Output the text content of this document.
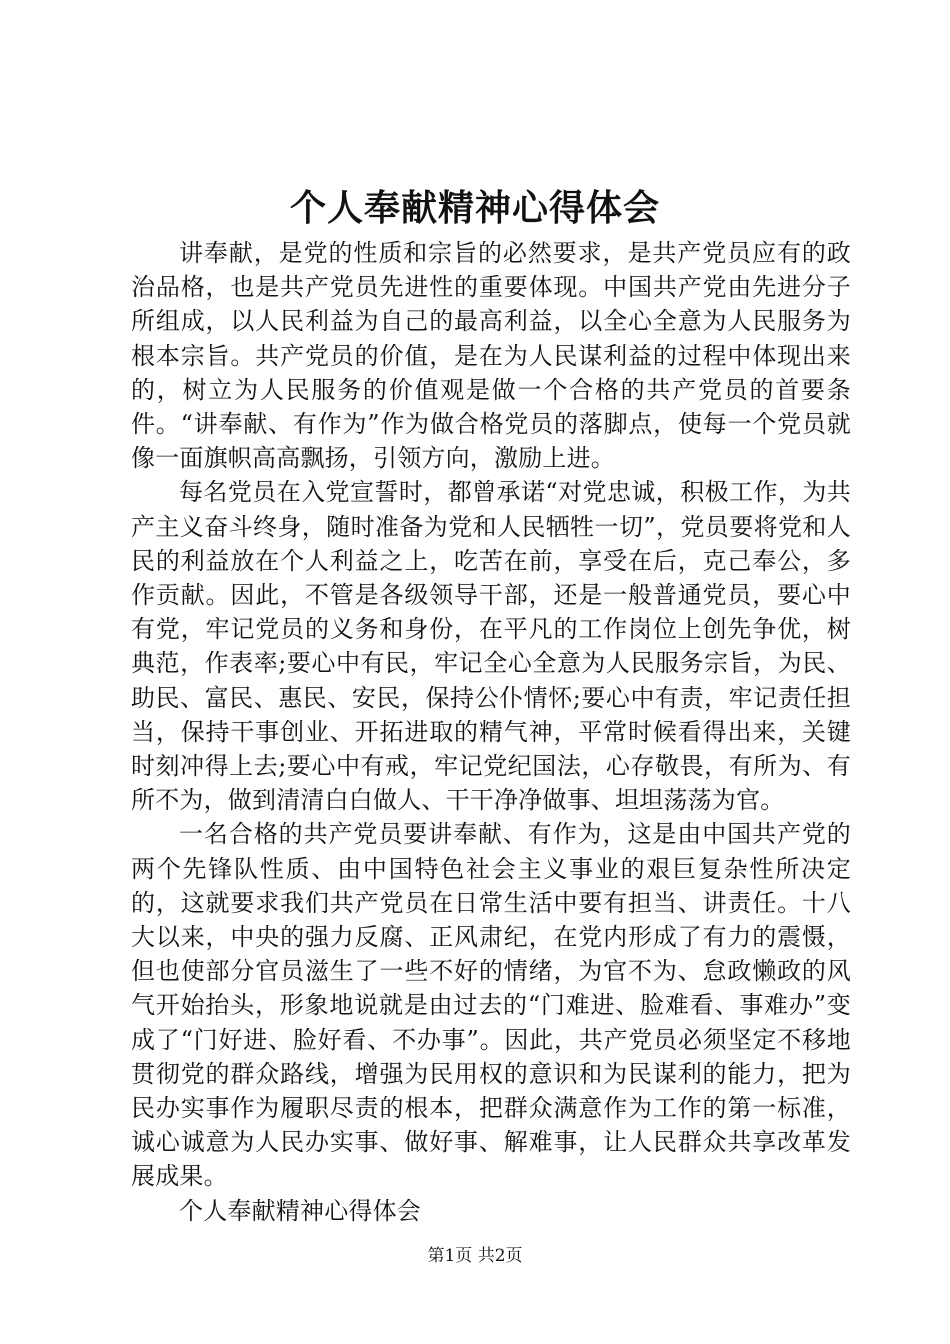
个人奉献精神心得体会

讲奉献，是党的性质和宗旨的必然要求，是共产党员应有的政治品格，也是共产党员先进性的重要体现。中国共产党由先进分子所组成，以人民利益为自己的最高利益，以全心全意为人民服务为根本宗旨。共产党员的价值，是在为人民谋利益的过程中体现出来的，树立为人民服务的价值观是做一个合格的共产党员的首要条件。“讲奉献、有作为”作为做合格党员的落脚点，使每一个党员就像一面旗帜高高飘扬，引领方向，激励上进。

每名党员在入党宣誓时，都曾承诺“对党忠诚，积极工作，为共产主义奋斗终身，随时准备为党和人民牺牲一切”，党员要将党和人民的利益放在个人利益之上，吃苦在前，享受在后，克己奉公，多作贡献。因此，不管是各级领导干部，还是一般普通党员，要心中有党，牢记党员的义务和身份，在平凡的工作岗位上创先争优，树典范，作表率;要心中有民，牢记全心全意为人民服务宗旨，为民、助民、富民、惠民、安民，保持公仆情怀;要心中有责，牢记责任担当，保持干事创业、开拓进取的精气神，平常时候看得出来，关键时刻冲得上去;要心中有戒，牢记党纪国法，心存敬畏，有所为、有所不为，做到清清白白做人、干干净净做事、坦坦荡荡为官。

一名合格的共产党员要讲奉献、有作为，这是由中国共产党的两个先锋队性质、由中国特色社会主义事业的艰巨复杂性所决定的，这就要求我们共产党员在日常生活中要有担当、讲责任。十八大以来，中央的强力反腐、正风肃纪，在党内形成了有力的震慑，但也使部分官员滋生了一些不好的情绪，为官不为、怠政懒政的风气开始抬头，形象地说就是由过去的“门难进、脸难看、事难办”变成了“门好进、脸好看、不办事”。因此，共产党员必须坚定不移地贯彻党的群众路线，增强为民用权的意识和为民谋利的能力，把为民办实事作为履职尽责的根本，把群众满意作为工作的第一标准，诚心诚意为人民办实事、做好事、解难事，让人民群众共享改革发展成果。

个人奉献精神心得体会

第1页 共2页
